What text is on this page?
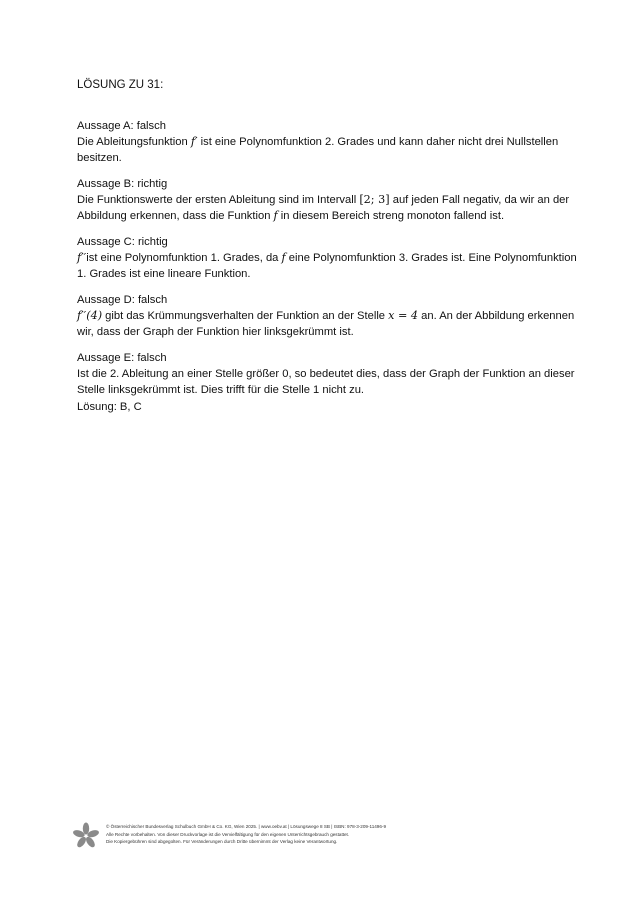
LÖSUNG ZU 31:

Aussage A: falsch

Die Ableitungsfunktion f′ ist eine Polynomfunktion 2. Grades und kann daher nicht drei Nullstellen besitzen.

Aussage B: richtig

Die Funktionswerte der ersten Ableitung sind im Intervall [2; 3] auf jeden Fall negativ, da wir an der Abbildung erkennen, dass die Funktion f in diesem Bereich streng monoton fallend ist.

Aussage C: richtig

f′′ist eine Polynomfunktion 1. Grades, da f eine Polynomfunktion 3. Grades ist. Eine Polynomfunktion 1. Grades ist eine lineare Funktion.

Aussage D: falsch

f′′(4) gibt das Krümmungsverhalten der Funktion an der Stelle x = 4 an. An der Abbildung erkennen wir, dass der Graph der Funktion hier linksgekrümmt ist.

Aussage E: falsch

Ist die 2. Ableitung an einer Stelle größer 0, so bedeutet dies, dass der Graph der Funktion an dieser Stelle linksgekrümmt ist. Dies trifft für die Stelle 1 nicht zu.

Lösung: B, C
© Österreichischer Bundesverlag Schulbuch GmbH & Co. KG, Wien 2025. | www.oebv.at | Lösungswege 8 SB | ISBN: 978-3-209-11496-9
Alle Rechte vorbehalten. Von dieser Druckvorlage ist die Vervielfältigung für den eigenen Unterrichtsgebrauch gestattet.
Die Kopiergebühren sind abgegolten. Für Veränderungen durch Dritte übernimmt der Verlag keine Verantwortung.
